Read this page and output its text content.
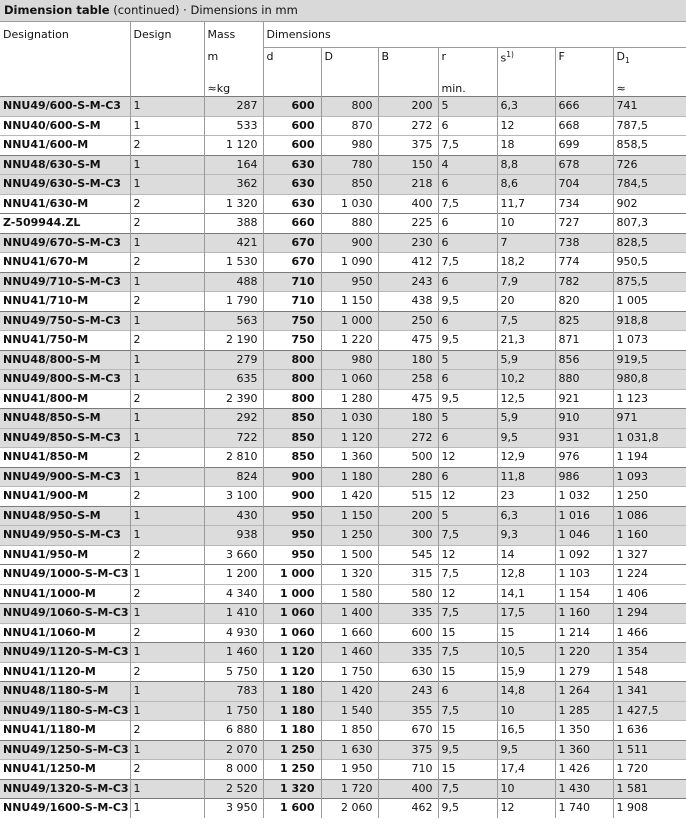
Dimension table (continued) · Dimensions in mm
Designation	Design	Mass	Dimensions						
		m	d	D	B	r	$s^{1)}$	F	$D_1$
		≈kg				min.			≈
NNU49/600-S-M-C3	1	287	600	800	200	5	6,3	666	741
NNU40/600-S-M	1	533	600	870	272	6	12	668	787,5
NNU41/600-M	2	1 120	600	980	375	7,5	18	699	858,5
NNU48/630-S-M	1	164	630	780	150	4	8,8	678	726
NNU49/630-S-M-C3	1	362	630	850	218	6	8,6	704	784,5
NNU41/630-M	2	1 320	630	1 030	400	7,5	11,7	734	902
Z-509944.ZL	2	388	660	880	225	6	10	727	807,3
NNU49/670-S-M-C3	1	421	670	900	230	6	7	738	828,5
NNU41/670-M	2	1 530	670	1 090	412	7,5	18,2	774	950,5
NNU49/710-S-M-C3	1	488	710	950	243	6	7,9	782	875,5
NNU41/710-M	2	1 790	710	1 150	438	9,5	20	820	1 005
NNU49/750-S-M-C3	1	563	750	1 000	250	6	7,5	825	918,8
NNU41/750-M	2	2 190	750	1 220	475	9,5	21,3	871	1 073
NNU48/800-S-M	1	279	800	980	180	5	5,9	856	919,5
NNU49/800-S-M-C3	1	635	800	1 060	258	6	10,2	880	980,8
NNU41/800-M	2	2 390	800	1 280	475	9,5	12,5	921	1 123
NNU48/850-S-M	1	292	850	1 030	180	5	5,9	910	971
NNU49/850-S-M-C3	1	722	850	1 120	272	6	9,5	931	1 031,8
NNU41/850-M	2	2 810	850	1 360	500	12	12,9	976	1 194
NNU49/900-S-M-C3	1	824	900	1 180	280	6	11,8	986	1 093
NNU41/900-M	2	3 100	900	1 420	515	12	23	1 032	1 250
NNU48/950-S-M	1	430	950	1 150	200	5	6,3	1 016	1 086
NNU49/950-S-M-C3	1	938	950	1 250	300	7,5	9,3	1 046	1 160
NNU41/950-M	2	3 660	950	1 500	545	12	14	1 092	1 327
NNU49/1000-S-M-C3	1	1 200	1 000	1 320	315	7,5	12,8	1 103	1 224
NNU41/1000-M	2	4 340	1 000	1 580	580	12	14,1	1 154	1 406
NNU49/1060-S-M-C3	1	1 410	1 060	1 400	335	7,5	17,5	1 160	1 294
NNU41/1060-M	2	4 930	1 060	1 660	600	15	15	1 214	1 466
NNU49/1120-S-M-C3	1	1 460	1 120	1 460	335	7,5	10,5	1 220	1 354
NNU41/1120-M	2	5 750	1 120	1 750	630	15	15,9	1 279	1 548
NNU48/1180-S-M	1	783	1 180	1 420	243	6	14,8	1 264	1 341
NNU49/1180-S-M-C3	1	1 750	1 180	1 540	355	7,5	10	1 285	1 427,5
NNU41/1180-M	2	6 880	1 180	1 850	670	15	16,5	1 350	1 636
NNU49/1250-S-M-C3	1	2 070	1 250	1 630	375	9,5	9,5	1 360	1 511
NNU41/1250-M	2	8 000	1 250	1 950	710	15	17,4	1 426	1 720
NNU49/1320-S-M-C3	1	2 520	1 320	1 720	400	7,5	10	1 430	1 581
NNU49/1600-S-M-C3	1	3 950	1 600	2 060	462	9,5	12	1 740	1 908
